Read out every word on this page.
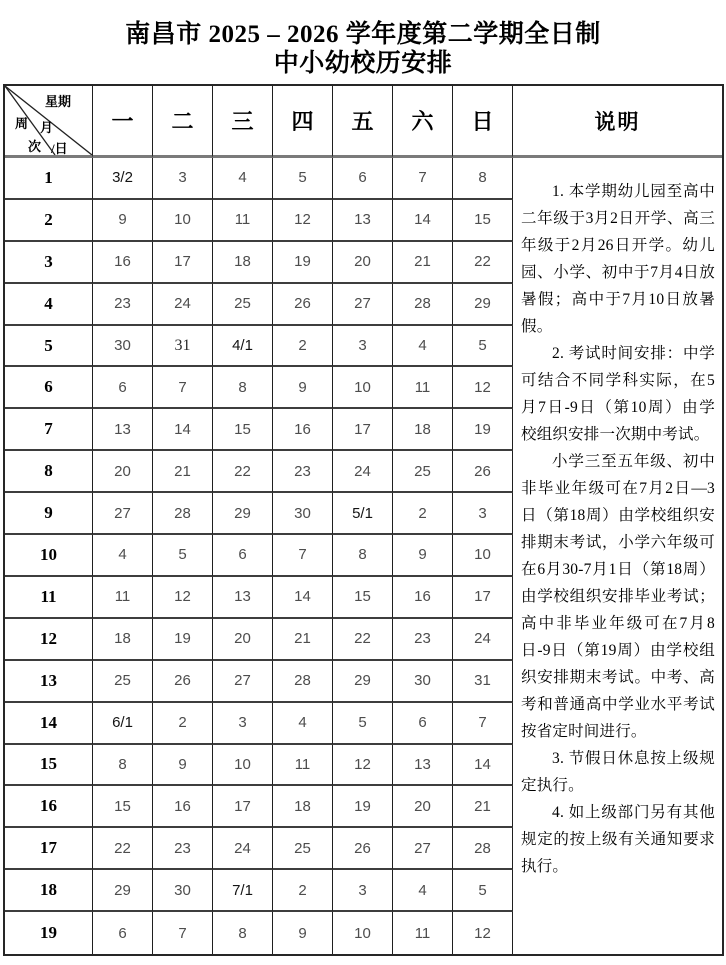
南昌市 2025 – 2026 学年度第二学期全日制
中小幼校历安排
星期
周
次
月
/日
一	二	三	四	五	六	日	说明

1. 本学期幼儿园至高中二年级于3月2日开学、高三年级于2月26日开学。幼儿园、小学、初中于7月4日放暑假；高中于7月10日放暑假。

2. 考试时间安排：中学可结合不同学科实际，在5月7日-9日（第10周）由学校组织安排一次期中考试。

小学三至五年级、初中非毕业年级可在7月2日—3日（第18周）由学校组织安排期末考试，小学六年级可在6月30-7月1日（第18周）由学校组织安排毕业考试；高中非毕业年级可在7月8日-9日（第19周）由学校组织安排期末考试。中考、高考和普通高中学业水平考试按省定时间进行。

3. 节假日休息按上级规定执行。

4. 如上级部门另有其他规定的按上级有关通知要求执行。

1	3/2	3	4	5	6	7	8
2	9	10	11	12	13	14	15
3	16	17	18	19	20	21	22
4	23	24	25	26	27	28	29
5	30	31	4/1	2	3	4	5
6	6	7	8	9	10	11	12
7	13	14	15	16	17	18	19
8	20	21	22	23	24	25	26
9	27	28	29	30	5/1	2	3
10	4	5	6	7	8	9	10
11	11	12	13	14	15	16	17
12	18	19	20	21	22	23	24
13	25	26	27	28	29	30	31
14	6/1	2	3	4	5	6	7
15	8	9	10	11	12	13	14
16	15	16	17	18	19	20	21
17	22	23	24	25	26	27	28
18	29	30	7/1	2	3	4	5
19	6	7	8	9	10	11	12
